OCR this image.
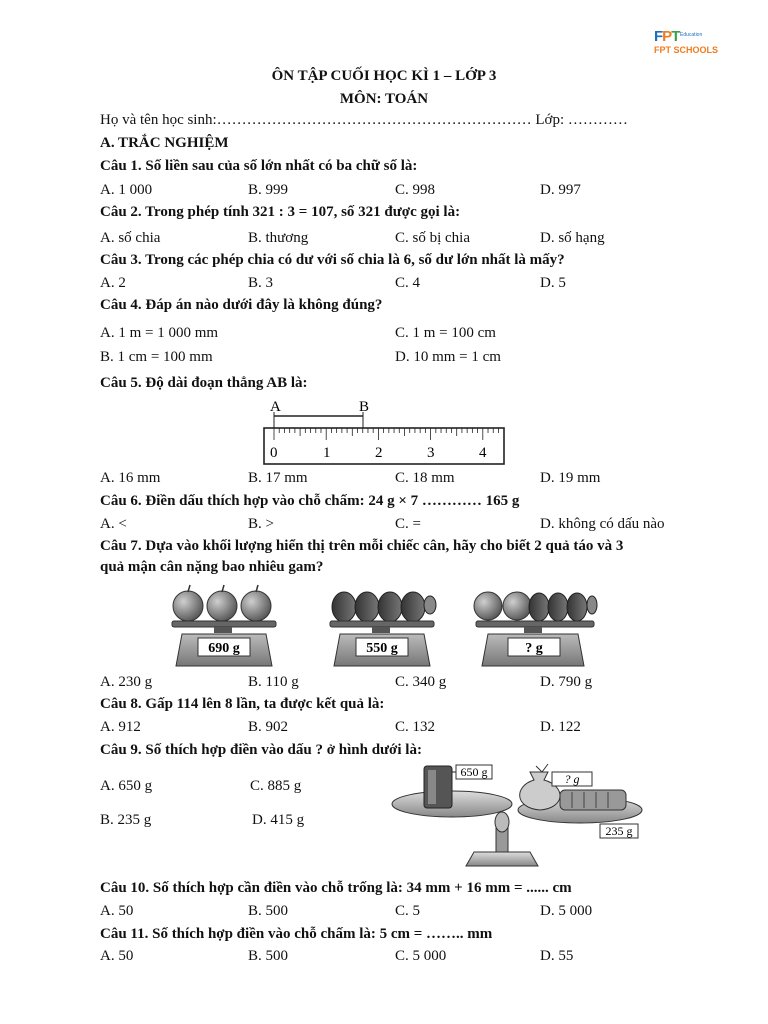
FPT Education
FPT SCHOOLS
ÔN TẬP CUỐI HỌC KÌ 1 – LỚP 3
MÔN: TOÁN
Họ và tên học sinh:……………………………………………………… Lớp: …………
A. TRẮC NGHIỆM
Câu 1. Số liền sau của số lớn nhất có ba chữ số là:
A. 1 000	B. 999	C. 998	D. 997
Câu 2. Trong phép tính 321 : 3 = 107, số 321 được gọi là:
A. số chia	B. thương	C. số bị chia	D. số hạng
Câu 3. Trong các phép chia có dư với số chia là 6, số dư lớn nhất là mấy?
A. 2	B. 3	C. 4	D. 5
Câu 4. Đáp án nào dưới đây là không đúng?
A. 1 m = 1 000 mm	C. 1 m = 100 cm
B. 1 cm = 100 mm	D. 10 mm = 1 cm
Câu 5. Độ dài đoạn thẳng AB là:
A	B
0	1	2	3	4
A. 16 mm	B. 17 mm	C. 18 mm	D. 19 mm
Câu 6. Điền dấu thích hợp vào chỗ chấm: 24 g × 7 ………… 165 g
A. <	B. >	C. =	D. không có dấu nào
Câu 7. Dựa vào khối lượng hiển thị trên mỗi chiếc cân, hãy cho biết 2 quả táo và 3
quả mận cân nặng bao nhiêu gam?
690 g	550 g	? g
A. 230 g	B. 110 g	C. 340 g	D. 790 g
Câu 8. Gấp 114 lên 8 lần, ta được kết quả là:
A. 912	B. 902	C. 132	D. 122
Câu 9. Số thích hợp điền vào dấu ? ở hình dưới là:
A. 650 g	C. 885 g
B. 235 g	D. 415 g
650 g	? g
235 g
Câu 10. Số thích hợp cần điền vào chỗ trống là: 34 mm + 16 mm = ...... cm
A. 50	B. 500	C. 5	D. 5 000
Câu 11. Số thích hợp điền vào chỗ chấm là: 5 cm = …….. mm
A. 50	B. 500	C. 5 000	D. 55
